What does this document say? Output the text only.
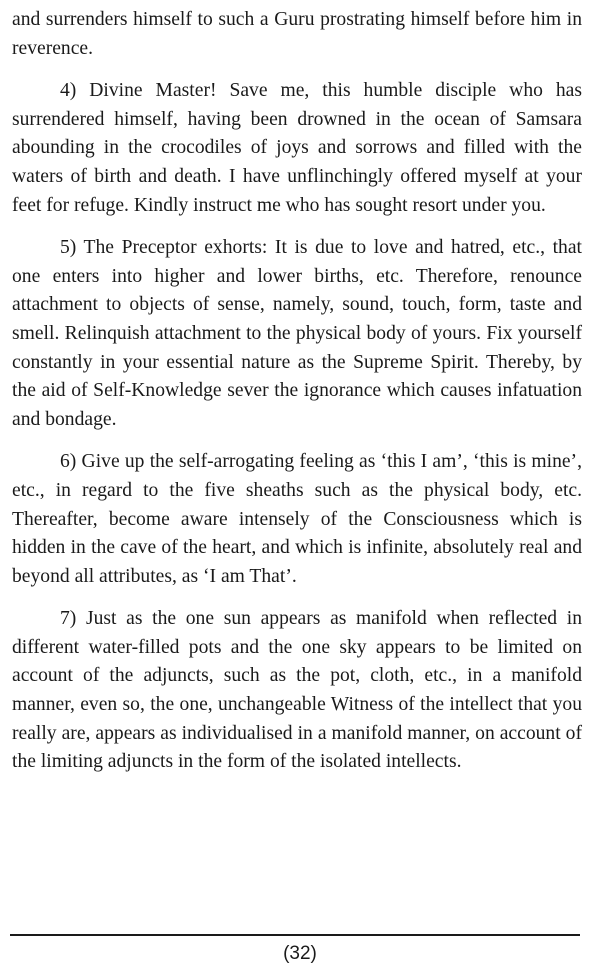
and surrenders himself to such a Guru prostrating himself before him in reverence.

4) Divine Master! Save me, this humble disciple who has surrendered himself, having been drowned in the ocean of Samsara abounding in the crocodiles of joys and sorrows and filled with the waters of birth and death. I have unflinchingly offered myself at your feet for refuge. Kindly instruct me who has sought resort under you.

5) The Preceptor exhorts: It is due to love and hatred, etc., that one enters into higher and lower births, etc. Therefore, renounce attachment to objects of sense, namely, sound, touch, form, taste and smell. Relinquish attachment to the physical body of yours. Fix yourself constantly in your essential nature as the Supreme Spirit. Thereby, by the aid of Self-Knowledge sever the ignorance which causes infatuation and bondage.

6) Give up the self-arrogating feeling as ‘this I am’, ‘this is mine’, etc., in regard to the five sheaths such as the physical body, etc. Thereafter, become aware intensely of the Consciousness which is hidden in the cave of the heart, and which is infinite, absolutely real and beyond all attributes, as ‘I am That’.

7) Just as the one sun appears as manifold when reflected in different water-filled pots and the one sky appears to be limited on account of the adjuncts, such as the pot, cloth, etc., in a manifold manner, even so, the one, unchangeable Witness of the intellect that you really are, appears as individualised in a manifold manner, on account of the limiting adjuncts in the form of the isolated intellects.

(32)
